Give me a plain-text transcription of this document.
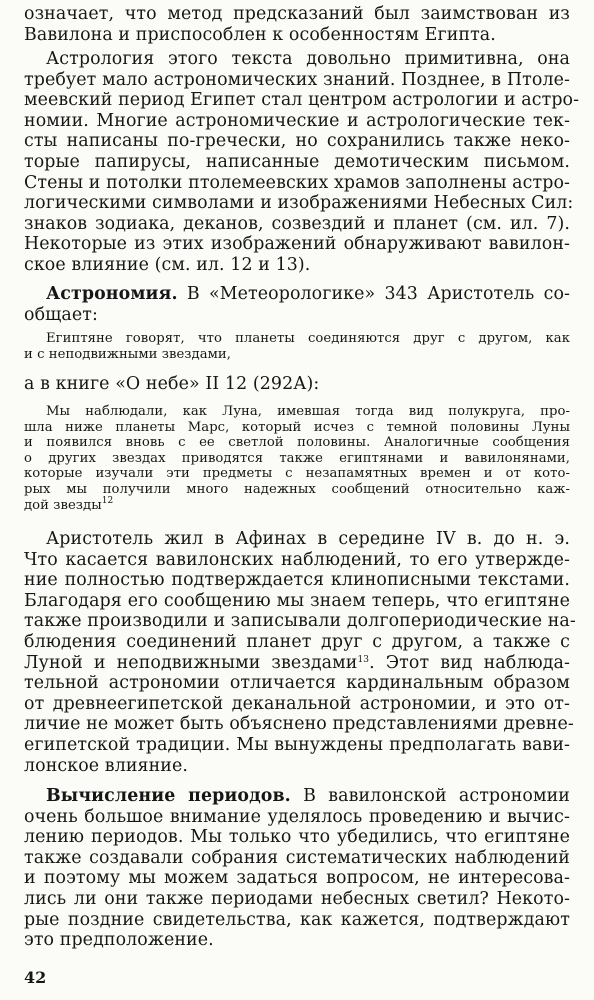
означает, что метод предсказаний был заимствован из
Вавилона и приспособлен к особенностям Египта.
Астрология этого текста довольно примитивна, она
требует мало астрономических знаний. Позднее, в Птоле-
меевский период Египет стал центром астрологии и астро-
номии. Многие астрономические и астрологические тек-
сты написаны по-гречески, но сохранились также неко-
торые папирусы, написанные демотическим письмом.
Стены и потолки птолемеевских храмов заполнены астро-
логическими символами и изображениями Небесных Сил:
знаков зодиака, деканов, созвездий и планет (см. ил. 7).
Некоторые из этих изображений обнаруживают вавилон-
ское влияние (см. ил. 12 и 13).
Астрономия. В «Метеорологике» 343 Аристотель со-
общает:
Египтяне говорят, что планеты соединяются друг с другом, как
и с неподвижными звездами,
а в книге «О небе» II 12 (292А):
Мы наблюдали, как Луна, имевшая тогда вид полукруга, про-
шла ниже планеты Марс, который исчез с темной половины Луны
и появился вновь с ее светлой половины. Аналогичные сообщения
о других звездах приводятся также египтянами и вавилонянами,
которые изучали эти предметы с незапамятных времен и от кото-
рых мы получили много надежных сообщений относительно каж-
дой звезды$^{12}$
Аристотель жил в Афинах в середине IV в. до н. э.
Что касается вавилонских наблюдений, то его утвержде-
ние полностью подтверждается клинописными текстами.
Благодаря его сообщению мы знаем теперь, что египтяне
также производили и записывали долгопериодические на-
блюдения соединений планет друг с другом, а также с
Луной и неподвижными звездами$^{13}$. Этот вид наблюда-
тельной астрономии отличается кардинальным образом
от древнеегипетской деканальной астрономии, и это от-
личие не может быть объяснено представлениями древне-
египетской традиции. Мы вынуждены предполагать вави-
лонское влияние.
Вычисление периодов. В вавилонской астрономии
очень большое внимание уделялось проведению и вычис-
лению периодов. Мы только что убедились, что египтяне
также создавали собрания систематических наблюдений
и поэтому мы можем задаться вопросом, не интересова-
лись ли они также периодами небесных светил? Некото-
рые поздние свидетельства, как кажется, подтверждают
это предположение.
42
